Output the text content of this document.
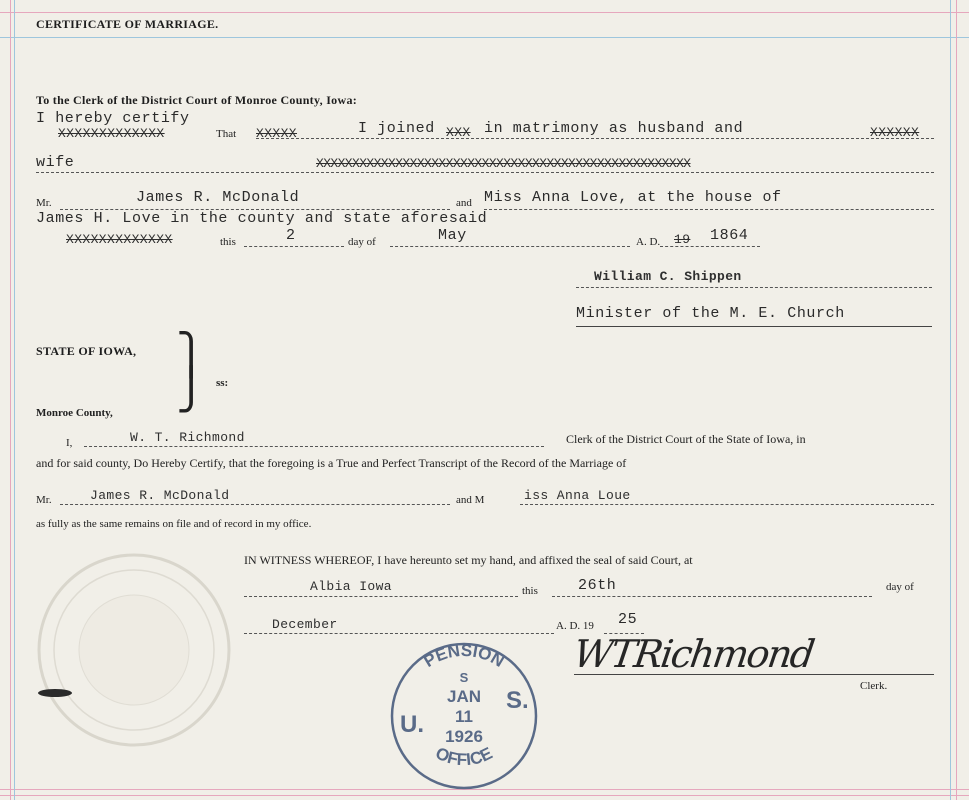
CERTIFICATE OF MARRIAGE.
To the Clerk of the District Court of Monroe County, Iowa:
I hereby certify
XXXXXXXXXXXXX	That XXXXX	I joined XXX in matrimony as husband and	XXXXXX
wife	XXXXXXXXXXXXXXXXXXXXXXXXXXXXXXXXXXXXXXXXXXXXXXXXXXXX
Mr.	James R. McDonald	and Miss Anna Love, at the house of
James H. Love in the county and state aforesaid
XXXXXXXXXXXXX	this	2	day of	May	A. D. 19 1864
William C. Shippen
Minister of the M. E. Church
STATE OF IOWA, ⎫
⎭ ss:
Monroe County,
I,	W. T. Richmond	Clerk of the District Court of the State of Iowa, in
and for said county, Do Hereby Certify, that the foregoing is a True and Perfect Transcript of the Record of the Marriage of
Mr.	James R. McDonald	and M	iss Anna Loue
as fully as the same remains on file and of record in my office.
IN WITNESS WHEREOF, I have hereunto set my hand, and affixed the seal of said Court, at
Albia Iowa	this	26th	day of
December	A. D. 19 25
WTRichmond
Clerk.
PENSION
OFFICE
S
JAN
11
1926
U.
S.
